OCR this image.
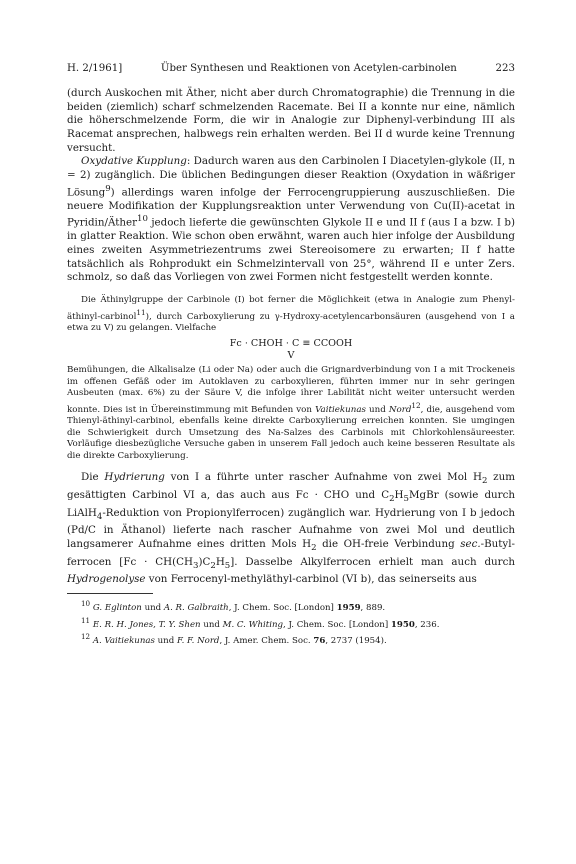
H. 2/1961]	Über Synthesen und Reaktionen von Acetylen-carbinolen	223

(durch Auskochen mit Äther, nicht aber durch Chromatographie) die Trennung in die beiden (ziemlich) scharf schmelzenden Racemate. Bei II a konnte nur eine, nämlich die höherschmelzende Form, die wir in Analogie zur Diphenyl-verbindung III als Racemat ansprechen, halbwegs rein erhalten werden. Bei II d wurde keine Trennung versucht.

Oxydative Kupplung: Dadurch waren aus den Carbinolen I Diacetylen-glykole (II, n = 2) zugänglich. Die üblichen Bedingungen dieser Reaktion (Oxydation in wäßriger Lösung$^9$) allerdings waren infolge der Ferrocengruppierung auszuschließen. Die neuere Modifikation der Kupplungsreaktion unter Verwendung von Cu(II)-acetat in Pyridin/Äther$^{10}$ jedoch lieferte die gewünschten Glykole II e und II f (aus I a bzw. I b) in glatter Reaktion. Wie schon oben erwähnt, waren auch hier infolge der Ausbildung eines zweiten Asymmetriezentrums zwei Stereoisomere zu erwarten; II f hatte tatsächlich als Rohprodukt ein Schmelzintervall von 25°, während II e unter Zers. schmolz, so daß das Vorliegen von zwei Formen nicht festgestellt werden konnte.

Die Äthinylgruppe der Carbinole (I) bot ferner die Möglichkeit (etwa in Analogie zum Phenyl-äthinyl-carbinol$^{11}$), durch Carboxylierung zu γ-Hydroxy-acetylencarbonsäuren (ausgehend von I a etwa zu V) zu gelangen. Vielfache

Fc · CHOH · C ≡ CCOOH
V

Bemühungen, die Alkalisalze (Li oder Na) oder auch die Grignardverbindung von I a mit Trockeneis im offenen Gefäß oder im Autoklaven zu carboxylieren, führten immer nur in sehr geringen Ausbeuten (max. 6%) zu der Säure V, die infolge ihrer Labilität nicht weiter untersucht werden konnte. Dies ist in Übereinstimmung mit Befunden von Vaitiekunas und Nord$^{12}$, die, ausgehend vom Thienyl-äthinyl-carbinol, ebenfalls keine direkte Carboxylierung erreichen konnten. Sie umgingen die Schwierigkeit durch Umsetzung des Na-Salzes des Carbinols mit Chlorkohlensäureester. Vorläufige diesbezügliche Versuche gaben in unserem Fall jedoch auch keine besseren Resultate als die direkte Carboxylierung.

Die Hydrierung von I a führte unter rascher Aufnahme von zwei Mol $H_2$ zum gesättigten Carbinol VI a, das auch aus Fc · CHO und $C_2H_5MgBr$ (sowie durch LiAlH$_4$-Reduktion von Propionylferrocen) zugänglich war. Hydrierung von I b jedoch (Pd/C in Äthanol) lieferte nach rascher Aufnahme von zwei Mol und deutlich langsamerer Aufnahme eines dritten Mols $H_2$ die OH-freie Verbindung sec.-Butyl-ferrocen $[Fc \cdot CH(CH_3)C_2H_5]$. Dasselbe Alkylferrocen erhielt man auch durch Hydrogenolyse von Ferrocenyl-methyläthyl-carbinol (VI b), das seinerseits aus

$^{10}$ G. Eglinton und A. R. Galbraith, J. Chem. Soc. [London] 1959, 889.

$^{11}$ E. R. H. Jones, T. Y. Shen und M. C. Whiting, J. Chem. Soc. [London] 1950, 236.

$^{12}$ A. Vaitiekunas und F. F. Nord, J. Amer. Chem. Soc. 76, 2737 (1954).
